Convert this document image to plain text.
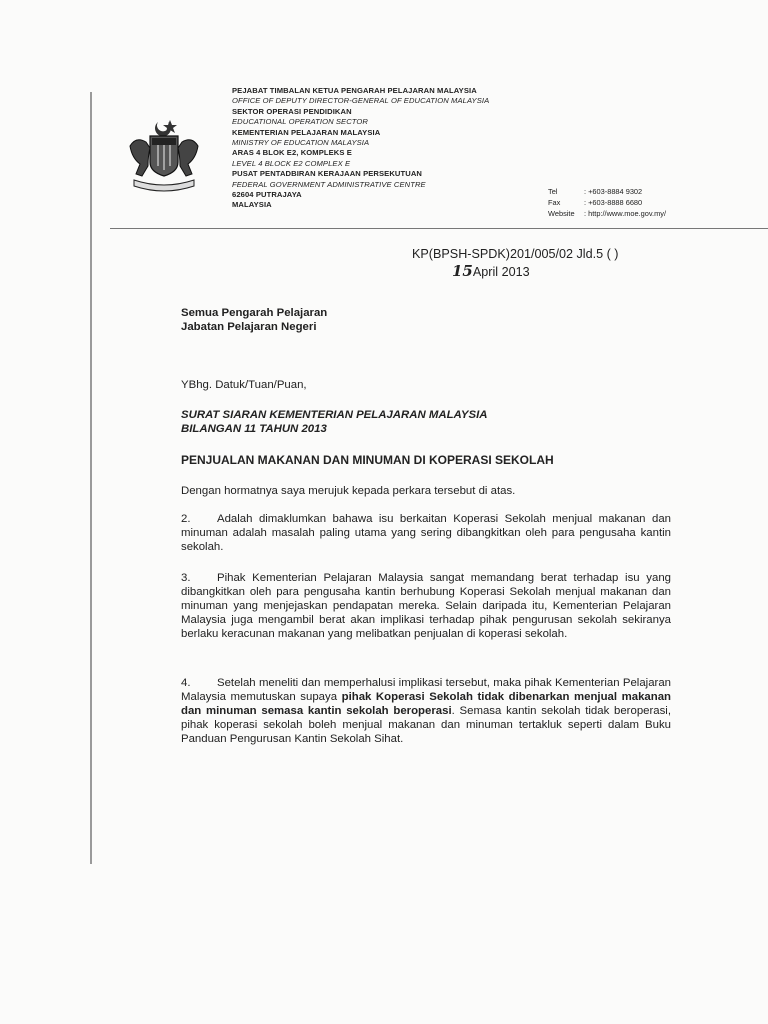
PEJABAT TIMBALAN KETUA PENGARAH PELAJARAN MALAYSIA
OFFICE OF DEPUTY DIRECTOR-GENERAL OF EDUCATION MALAYSIA
SEKTOR OPERASI PENDIDIKAN
EDUCATIONAL OPERATION SECTOR
KEMENTERIAN PELAJARAN MALAYSIA
MINISTRY OF EDUCATION MALAYSIA
ARAS 4 BLOK E2, KOMPLEKS E
LEVEL 4 BLOCK E2 COMPLEX E
PUSAT PENTADBIRAN KERAJAAN PERSEKUTUAN
FEDERAL GOVERNMENT ADMINISTRATIVE CENTRE
62604 PUTRAJAYA
MALAYSIA
Tel	: +603-8884 9302
Fax	: +603-8888 6680
Website	: http://www.moe.gov.my/
KP(BPSH-SPDK)201/005/02 Jld.5 ( )
15April 2013
Semua Pengarah Pelajaran
Jabatan Pelajaran Negeri
YBhg. Datuk/Tuan/Puan,
SURAT SIARAN KEMENTERIAN PELAJARAN MALAYSIA
BILANGAN 11 TAHUN 2013
PENJUALAN MAKANAN DAN MINUMAN DI KOPERASI SEKOLAH
Dengan hormatnya saya merujuk kepada perkara tersebut di atas.
2. Adalah dimaklumkan bahawa isu berkaitan Koperasi Sekolah menjual makanan dan minuman adalah masalah paling utama yang sering dibangkitkan oleh para pengusaha kantin sekolah.
3. Pihak Kementerian Pelajaran Malaysia sangat memandang berat terhadap isu yang dibangkitkan oleh para pengusaha kantin berhubung Koperasi Sekolah menjual makanan dan minuman yang menjejaskan pendapatan mereka. Selain daripada itu, Kementerian Pelajaran Malaysia juga mengambil berat akan implikasi terhadap pihak pengurusan sekolah sekiranya berlaku keracunan makanan yang melibatkan penjualan di koperasi sekolah.
4. Setelah meneliti dan memperhalusi implikasi tersebut, maka pihak Kementerian Pelajaran Malaysia memutuskan supaya pihak Koperasi Sekolah tidak dibenarkan menjual makanan dan minuman semasa kantin sekolah beroperasi. Semasa kantin sekolah tidak beroperasi, pihak koperasi sekolah boleh menjual makanan dan minuman tertakluk seperti dalam Buku Panduan Pengurusan Kantin Sekolah Sihat.
